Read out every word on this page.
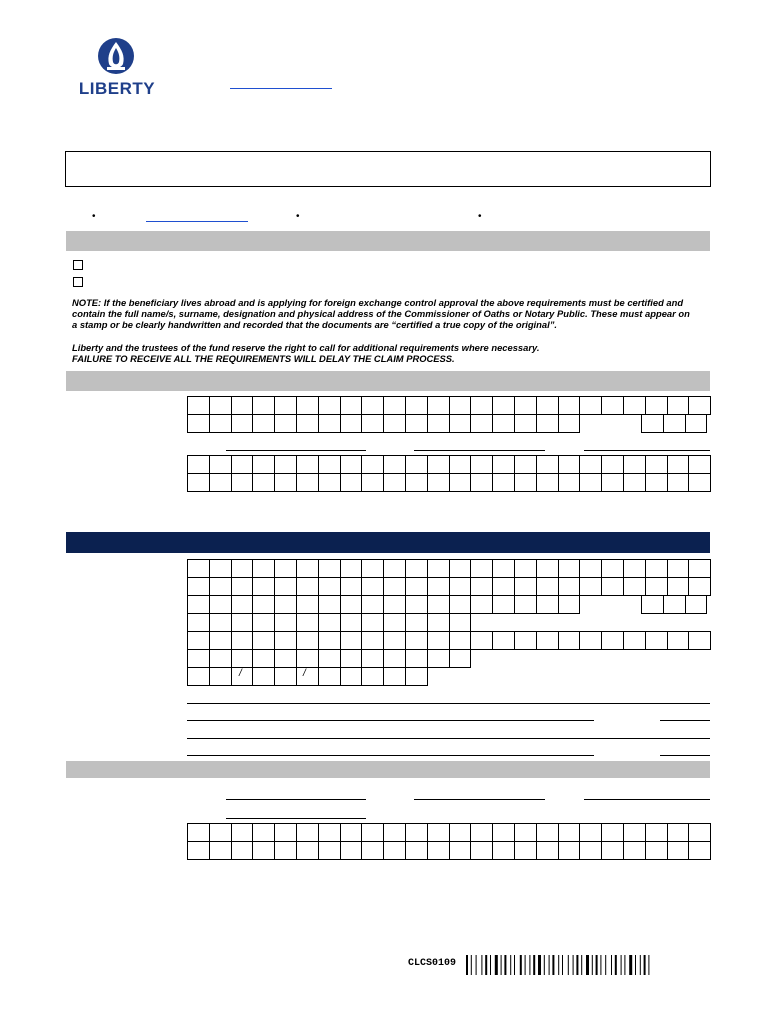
LIBERTY
•	•	•
NOTE: If the beneficiary lives abroad and is applying for foreign exchange control approval the above requirements must be certified and
contain the full name/s, surname, designation and physical address of the Commissioner of Oaths or Notary Public. These must appear on
a stamp or be clearly handwritten and recorded that the documents are “certified a true copy of the original”.
Liberty and the trustees of the fund reserve the right to call for additional requirements where necessary.
FAILURE TO RECEIVE ALL THE REQUIREMENTS WILL DELAY THE CLAIM PROCESS.
/	/
CLCS0109
